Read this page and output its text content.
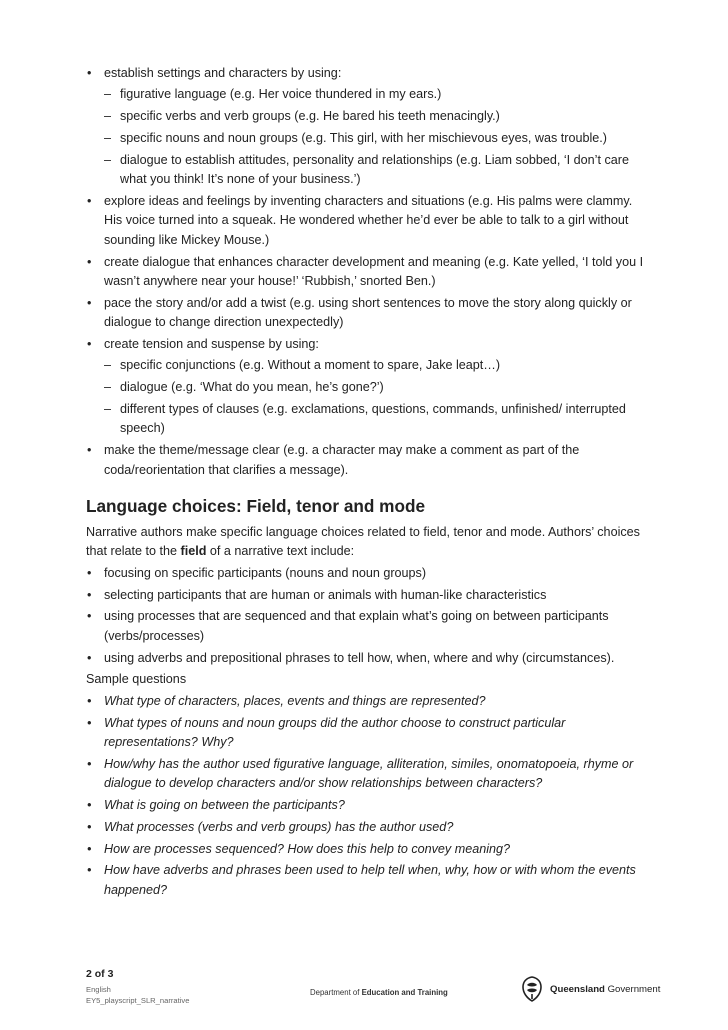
• establish settings and characters by using:
– figurative language (e.g. Her voice thundered in my ears.)
– specific verbs and verb groups (e.g. He bared his teeth menacingly.)
– specific nouns and noun groups (e.g. This girl, with her mischievous eyes, was trouble.)
– dialogue to establish attitudes, personality and relationships (e.g. Liam sobbed, ‘I don’t care what you think! It’s none of your business.’)
• explore ideas and feelings by inventing characters and situations (e.g. His palms were clammy. His voice turned into a squeak. He wondered whether he’d ever be able to talk to a girl without sounding like Mickey Mouse.)
• create dialogue that enhances character development and meaning (e.g. Kate yelled, ‘I told you I wasn’t anywhere near your house!’ ‘Rubbish,’ snorted Ben.)
• pace the story and/or add a twist (e.g. using short sentences to move the story along quickly or dialogue to change direction unexpectedly)
• create tension and suspense by using:
– specific conjunctions (e.g. Without a moment to spare, Jake leapt…)
– dialogue (e.g. ‘What do you mean, he’s gone?’)
– different types of clauses (e.g. exclamations, questions, commands, unfinished/ interrupted speech)
• make the theme/message clear (e.g. a character may make a comment as part of the coda/reorientation that clarifies a message).
Language choices: Field, tenor and mode

Narrative authors make specific language choices related to field, tenor and mode. Authors’ choices that relate to the field of a narrative text include:

• focusing on specific participants (nouns and noun groups)
• selecting participants that are human or animals with human-like characteristics
• using processes that are sequenced and that explain what’s going on between participants (verbs/processes)
• using adverbs and prepositional phrases to tell how, when, where and why (circumstances).
Sample questions
• What type of characters, places, events and things are represented?
• What types of nouns and noun groups did the author choose to construct particular representations? Why?
• How/why has the author used figurative language, alliteration, similes, onomatopoeia, rhyme or dialogue to develop characters and/or show relationships between characters?
• What is going on between the participants?
• What processes (verbs and verb groups) has the author used?
• How are processes sequenced? How does this help to convey meaning?
• How have adverbs and phrases been used to help tell when, why, how or with whom the events happened?
2 of 3
English
EY5_playscript_SLR_narrative
Department of Education and Training	Queensland Government
